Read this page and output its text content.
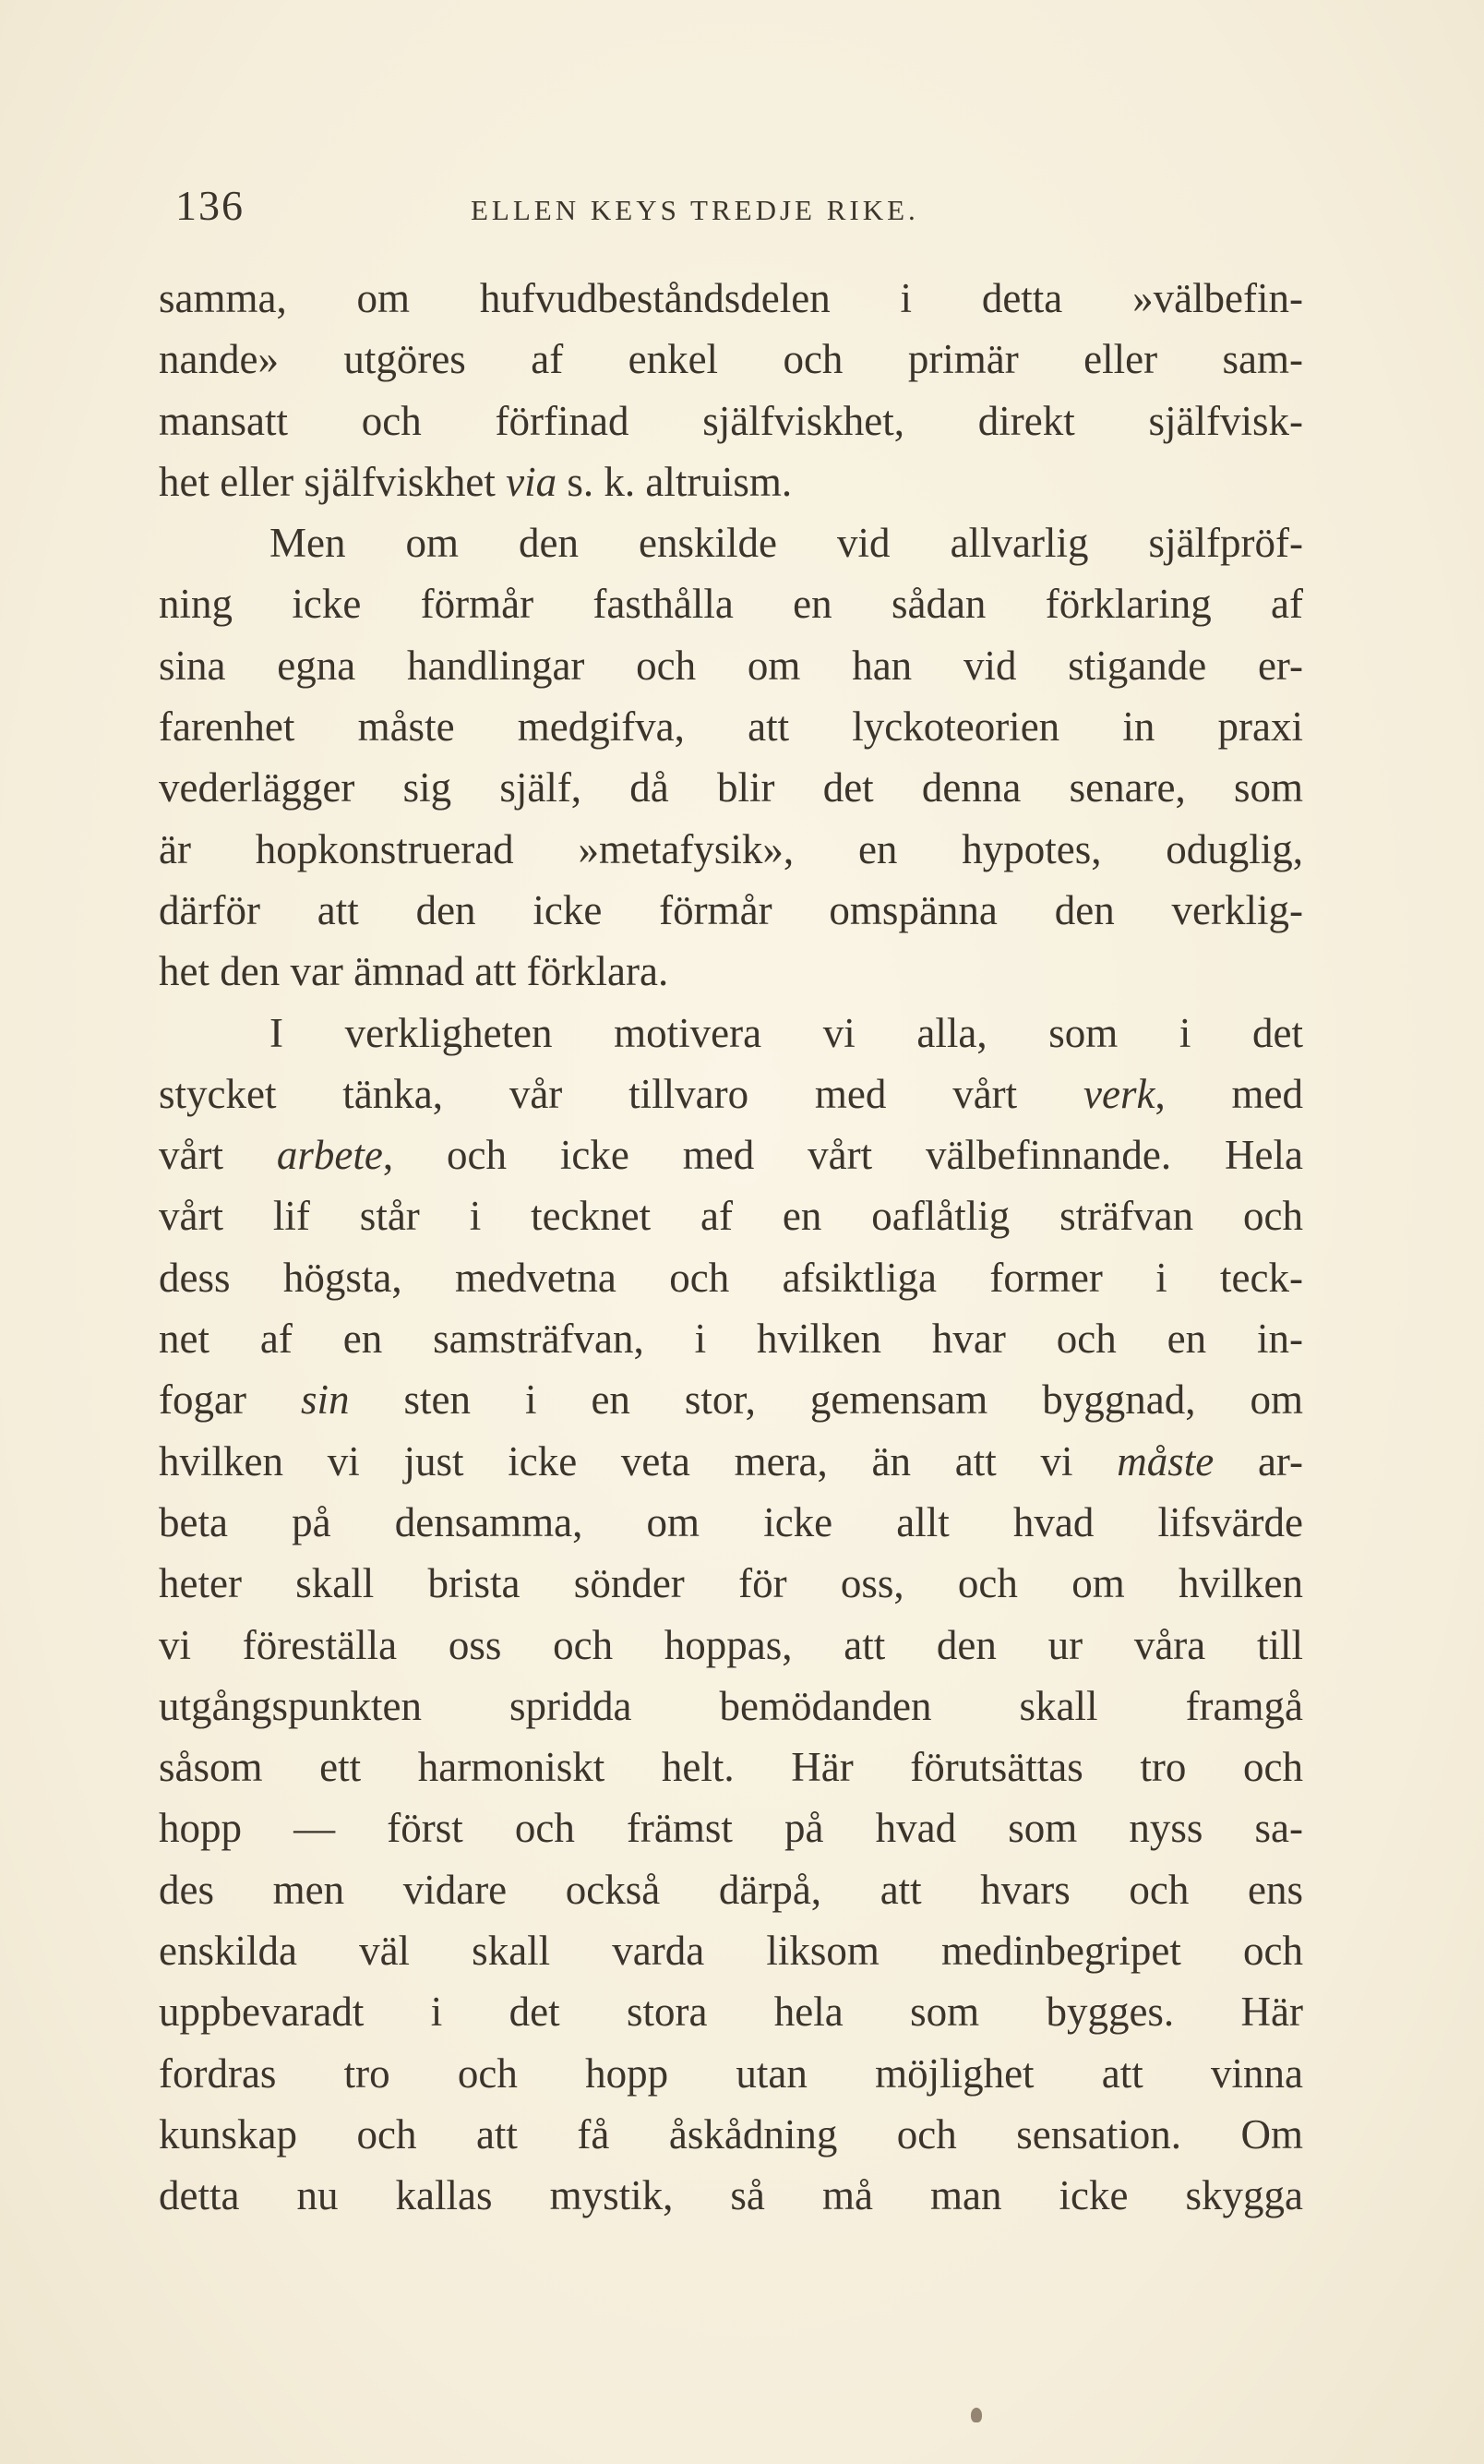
136	ELLEN KEYS TREDJE RIKE.
samma, om hufvudbeståndsdelen i detta »välbefin-
nande» utgöres af enkel och primär eller sam-
mansatt och förfinad själfviskhet, direkt själfvisk-
het eller själfviskhet via s. k. altruism.
Men om den enskilde vid allvarlig själfpröf-
ning icke förmår fasthålla en sådan förklaring af
sina egna handlingar och om han vid stigande er-
farenhet måste medgifva, att lyckoteorien in praxi
vederlägger sig själf, då blir det denna senare, som
är hopkonstruerad »metafysik», en hypotes, oduglig,
därför att den icke förmår omspänna den verklig-
het den var ämnad att förklara.
I verkligheten motivera vi alla, som i det
stycket tänka, vår tillvaro med vårt verk, med
vårt arbete, och icke med vårt välbefinnande. Hela
vårt lif står i tecknet af en oaflåtlig sträfvan och
dess högsta, medvetna och afsiktliga former i teck-
net af en samsträfvan, i hvilken hvar och en in-
fogar sin sten i en stor, gemensam byggnad, om
hvilken vi just icke veta mera, än att vi måste ar-
beta på densamma, om icke allt hvad lifsvärde
heter skall brista sönder för oss, och om hvilken
vi föreställa oss och hoppas, att den ur våra till
utgångspunkten spridda bemödanden skall framgå
såsom ett harmoniskt helt. Här förutsättas tro och
hopp — först och främst på hvad som nyss sa-
des men vidare också därpå, att hvars och ens
enskilda väl skall varda liksom medinbegripet och
uppbevaradt i det stora hela som bygges. Här
fordras tro och hopp utan möjlighet att vinna
kunskap och att få åskådning och sensation. Om
detta nu kallas mystik, så må man icke skygga
